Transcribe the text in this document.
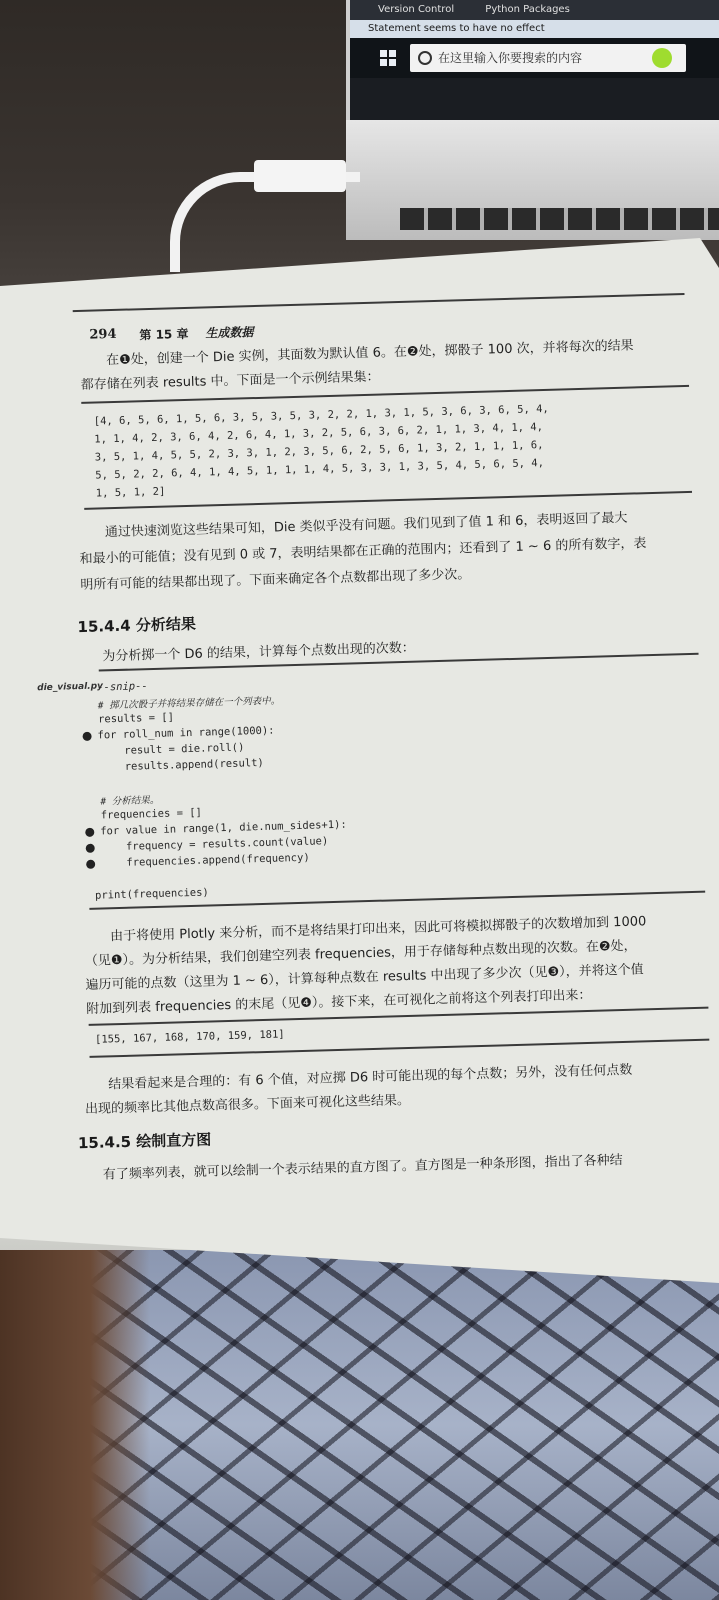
Version Control	Python Packages
Statement seems to have no effect
在这里输入你要搜索的内容
294 第 15 章 生成数据
在❶处，创建一个 Die 实例，其面数为默认值 6。在❷处，掷骰子 100 次，并将每次的结果
都存储在列表 results 中。下面是一个示例结果集：
[4, 6, 5, 6, 1, 5, 6, 3, 5, 3, 5, 3, 2, 2, 1, 3, 1, 5, 3, 6, 3, 6, 5, 4,
1, 1, 4, 2, 3, 6, 4, 2, 6, 4, 1, 3, 2, 5, 6, 3, 6, 2, 1, 1, 3, 4, 1, 4,
3, 5, 1, 4, 5, 5, 2, 3, 3, 1, 2, 3, 5, 6, 2, 5, 6, 1, 3, 2, 1, 1, 1, 6,
5, 5, 2, 2, 6, 4, 1, 4, 5, 1, 1, 1, 4, 5, 3, 3, 1, 3, 5, 4, 5, 6, 5, 4,
1, 5, 1, 2]
通过快速浏览这些结果可知，Die 类似乎没有问题。我们见到了值 1 和 6，表明返回了最大
和最小的可能值；没有见到 0 或 7，表明结果都在正确的范围内；还看到了 1 ~ 6 的所有数字，表
明所有可能的结果都出现了。下面来确定各个点数都出现了多少次。
15.4.4 分析结果
为分析掷一个 D6 的结果，计算每个点数出现的次数：
die_visual.py
--snip--
# 掷几次骰子并将结果存储在一个列表中。
results = []
for roll_num in range(1000):
result = die.roll()
results.append(result)
# 分析结果。
frequencies = []
for value in range(1, die.num_sides+1):
frequency = results.count(value)
frequencies.append(frequency)
print(frequencies)
由于将使用 Plotly 来分析，而不是将结果打印出来，因此可将模拟掷骰子的次数增加到 1000
（见❶）。为分析结果，我们创建空列表 frequencies，用于存储每种点数出现的次数。在❷处，
遍历可能的点数（这里为 1 ~ 6），计算每种点数在 results 中出现了多少次（见❸），并将这个值
附加到列表 frequencies 的末尾（见❹）。接下来，在可视化之前将这个列表打印出来：
[155, 167, 168, 170, 159, 181]
结果看起来是合理的：有 6 个值，对应掷 D6 时可能出现的每个点数；另外，没有任何点数
出现的频率比其他点数高很多。下面来可视化这些结果。
15.4.5 绘制直方图
有了频率列表，就可以绘制一个表示结果的直方图了。直方图是一种条形图，指出了各种结
